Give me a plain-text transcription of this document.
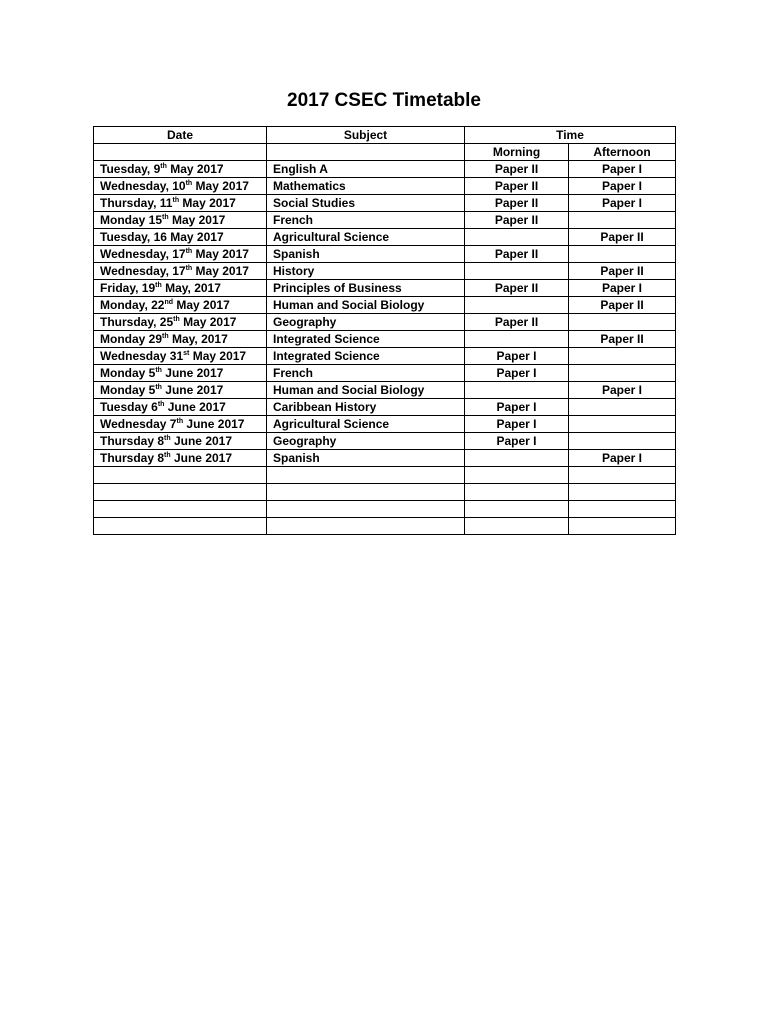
2017 CSEC Timetable
Date	Subject	Time	
		Morning	Afternoon
Tuesday, 9th May 2017	English A	Paper II	Paper I
Wednesday, 10th May 2017	Mathematics	Paper II	Paper I
Thursday, 11th May 2017	Social Studies	Paper II	Paper I
Monday 15th May 2017	French	Paper II	
Tuesday, 16 May 2017	Agricultural Science		Paper II
Wednesday, 17th May 2017	Spanish	Paper II	
Wednesday, 17th May 2017	History		Paper II
Friday, 19th May, 2017	Principles of Business	Paper II	Paper I
Monday, 22nd May 2017	Human and Social Biology		Paper II
Thursday, 25th May 2017	Geography	Paper II	
Monday 29th May, 2017	Integrated Science		Paper II
Wednesday 31st May 2017	Integrated Science	Paper I	
Monday 5th June 2017	French	Paper I	
Monday 5th June 2017	Human and Social Biology		Paper I
Tuesday 6th June 2017	Caribbean History	Paper I	
Wednesday 7th June 2017	Agricultural Science	Paper I	
Thursday 8th June 2017	Geography	Paper I	
Thursday 8th June 2017	Spanish		Paper I
